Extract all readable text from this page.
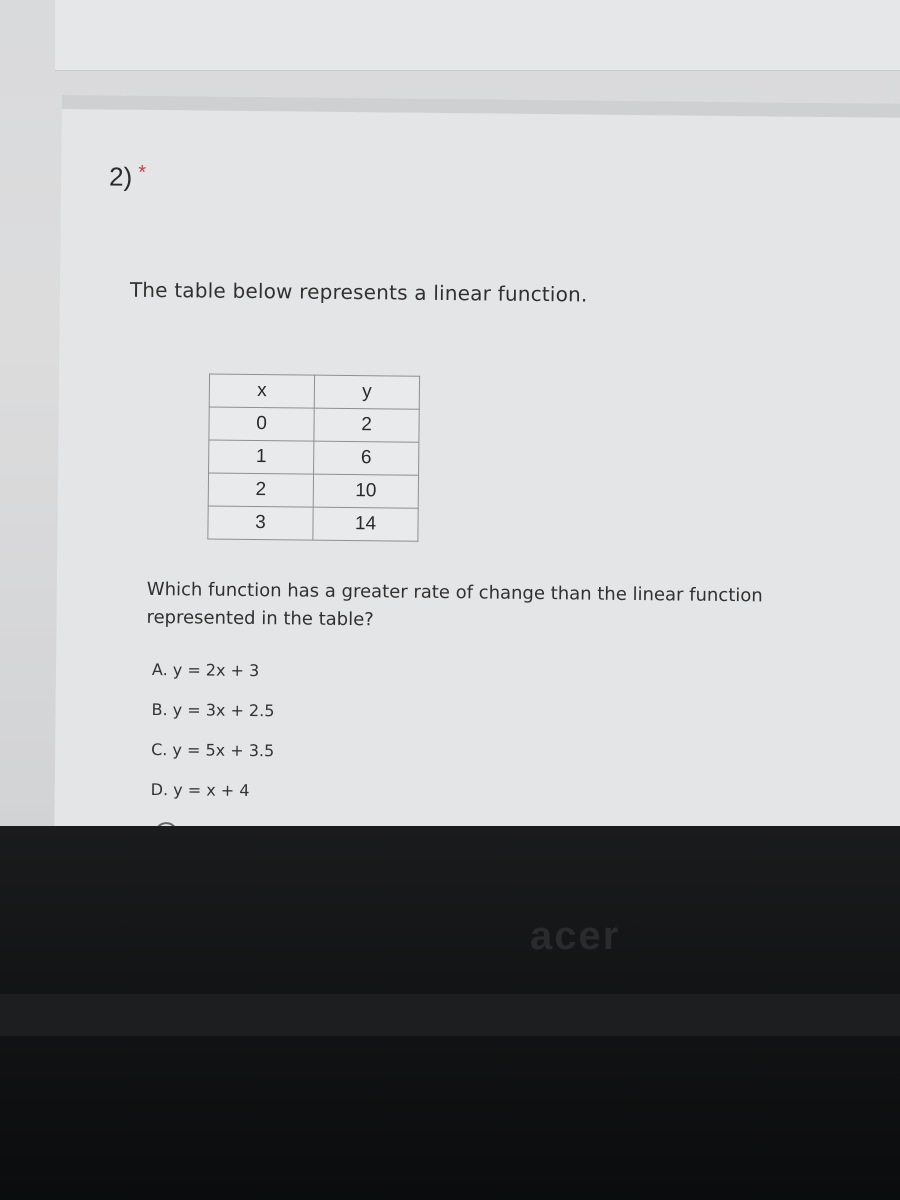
2) *
The table below represents a linear function.
x	y
0	2
1	6
2	10
3	14
Which function has a greater rate of change than the linear function represented in the table?
A. y = 2x + 3
B. y = 3x + 2.5
C. y = 5x + 3.5
D. y = x + 4
acer
